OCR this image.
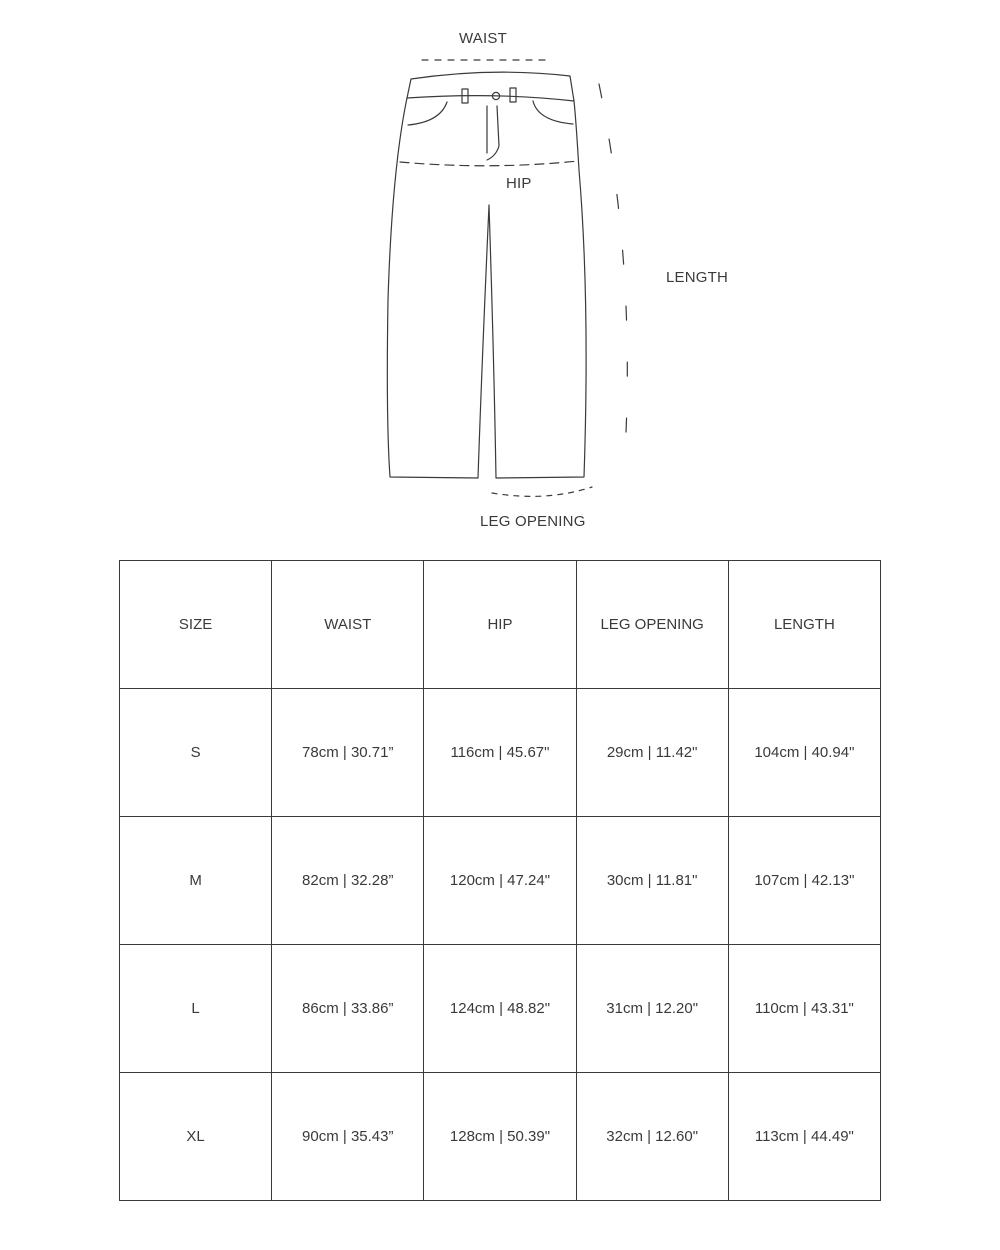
WAIST
HIP
LENGTH
LEG OPENING
SIZE	WAIST	HIP	LEG OPENING	LENGTH
S	78cm | 30.71”	116cm | 45.67"	29cm | 11.42"	104cm | 40.94"
M	82cm | 32.28”	120cm | 47.24"	30cm | 11.81"	107cm | 42.13"
L	86cm | 33.86”	124cm | 48.82"	31cm | 12.20"	110cm | 43.31"
XL	90cm | 35.43”	128cm | 50.39"	32cm | 12.60"	113cm | 44.49"
